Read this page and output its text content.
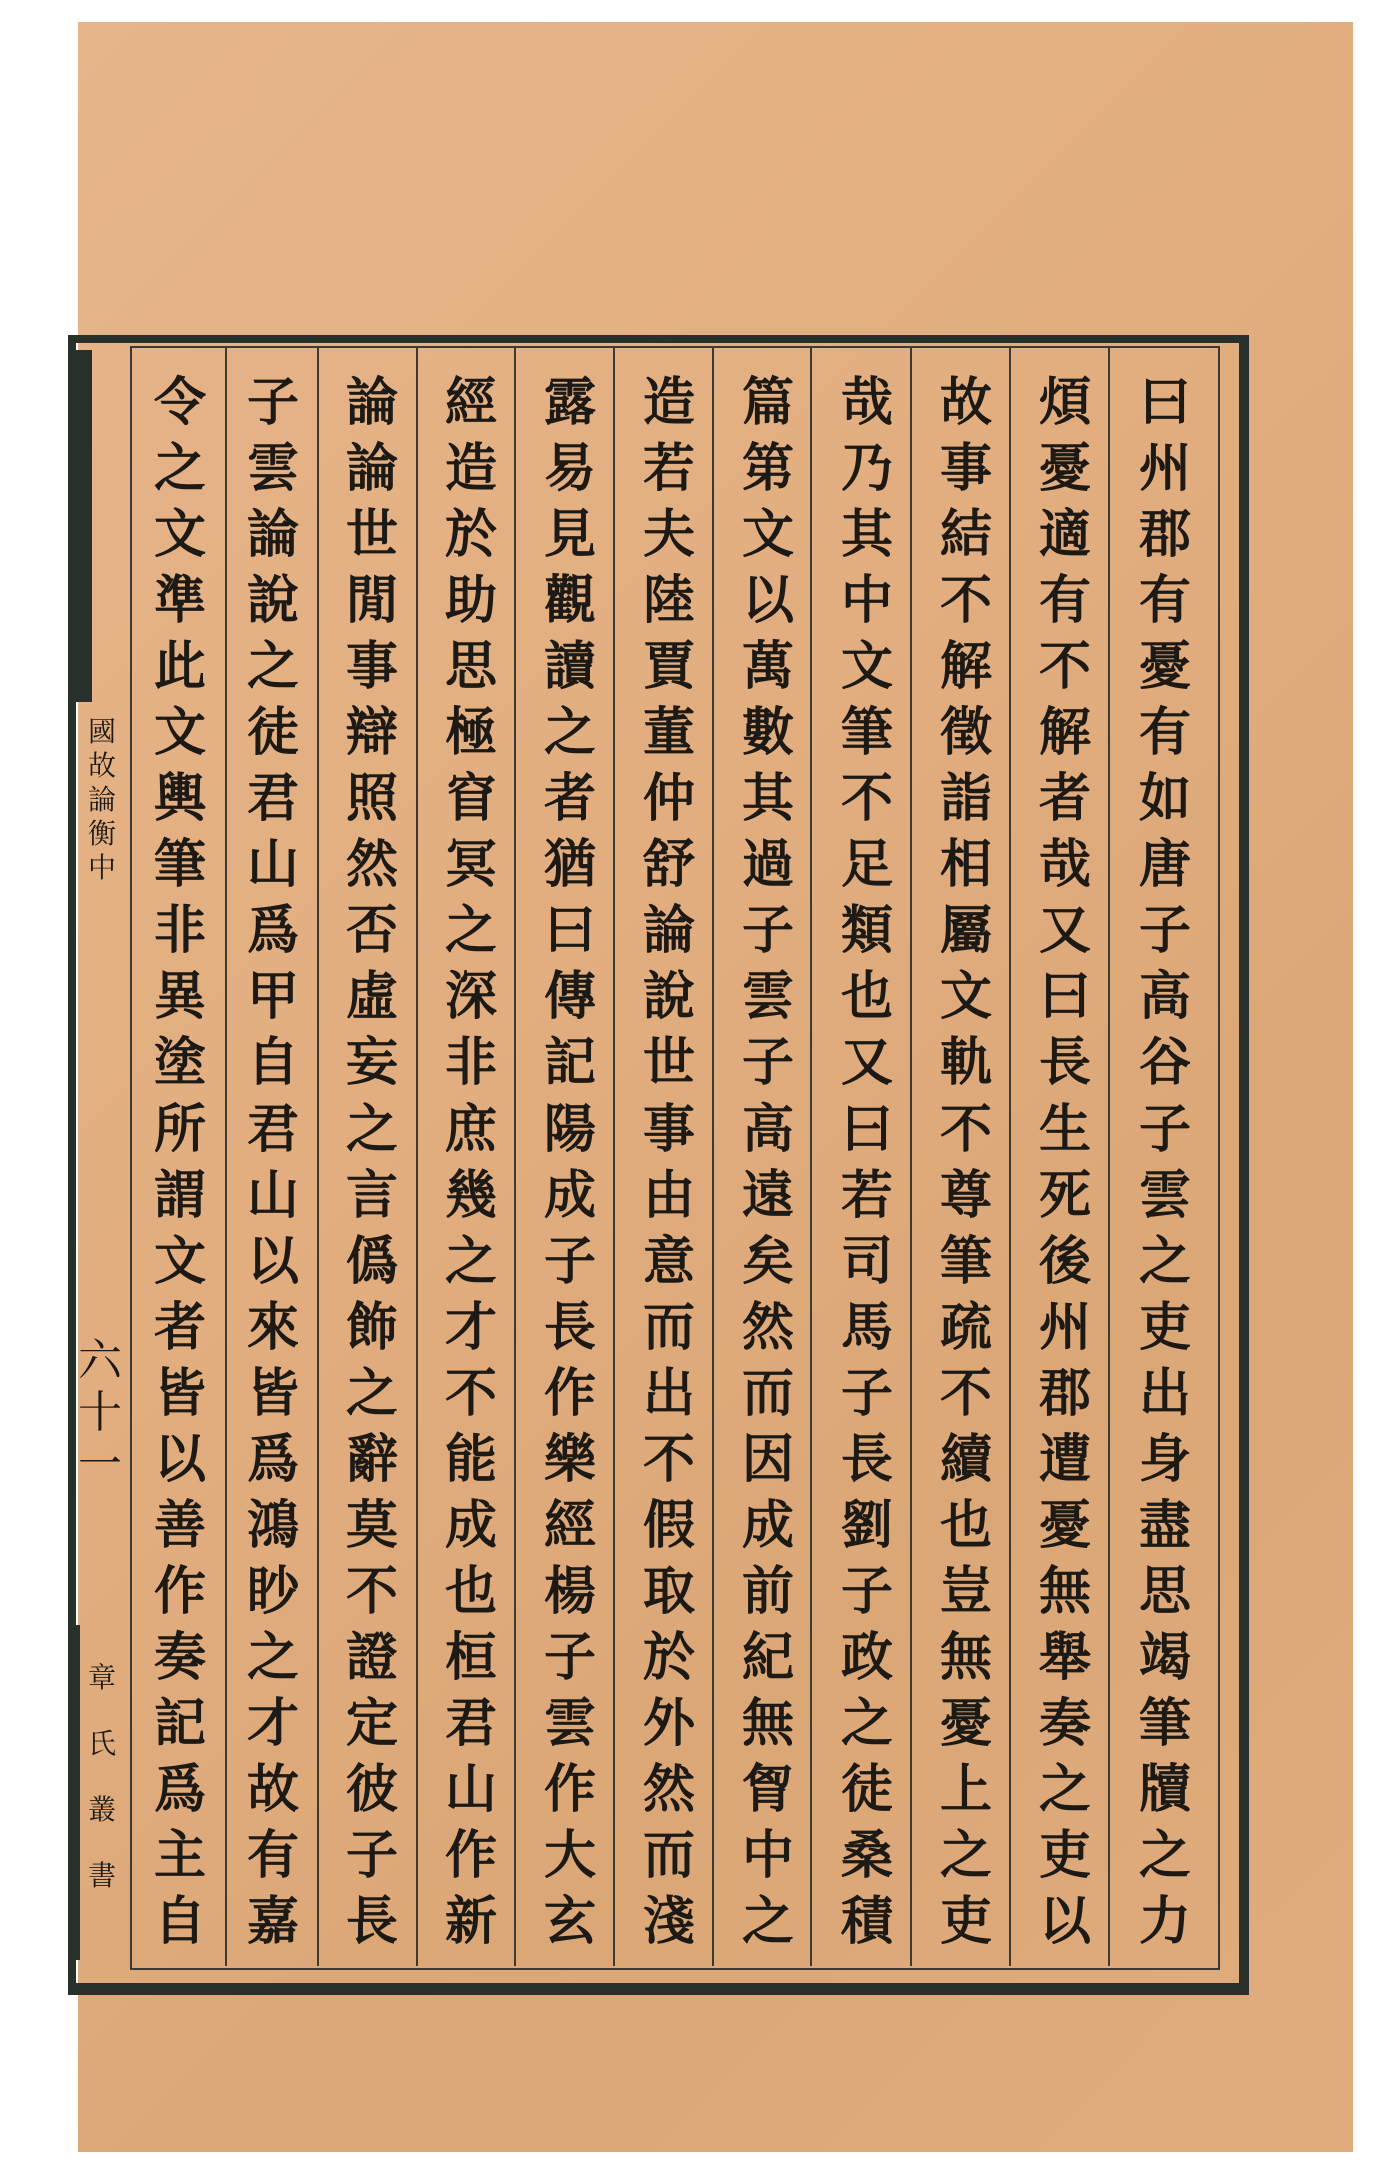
曰
州
郡
有
憂
有
如
唐
子
高
谷
子
雲
之
吏
出
身
盡
思
竭
筆
牘
之
力
煩
憂
適
有
不
解
者
哉
又
曰
長
生
死
後
州
郡
遭
憂
無
舉
奏
之
吏
以
故
事
結
不
解
徵
詣
相
屬
文
軌
不
尊
筆
疏
不
續
也
豈
無
憂
上
之
吏
哉
乃
其
中
文
筆
不
足
類
也
又
曰
若
司
馬
子
長
劉
子
政
之
徒
桑
積
篇
第
文
以
萬
數
其
過
子
雲
子
高
遠
矣
然
而
因
成
前
紀
無
胷
中
之
造
若
夫
陸
賈
董
仲
舒
論
說
世
事
由
意
而
出
不
假
取
於
外
然
而
淺
露
易
見
觀
讀
之
者
猶
曰
傳
記
陽
成
子
長
作
樂
經
楊
子
雲
作
大
玄
經
造
於
助
思
極
窅
冥
之
深
非
庶
幾
之
才
不
能
成
也
桓
君
山
作
新
論
論
世
閒
事
辯
照
然
否
虛
妄
之
言
僞
飾
之
辭
莫
不
證
定
彼
子
長
子
雲
論
說
之
徒
君
山
爲
甲
自
君
山
以
來
皆
爲
鴻
眇
之
才
故
有
嘉
令
之
文
準
此
文
輿
筆
非
異
塗
所
謂
文
者
皆
以
善
作
奏
記
爲
主
自
國
故
論
衡
中
六
十
一
章
氏
叢
書
